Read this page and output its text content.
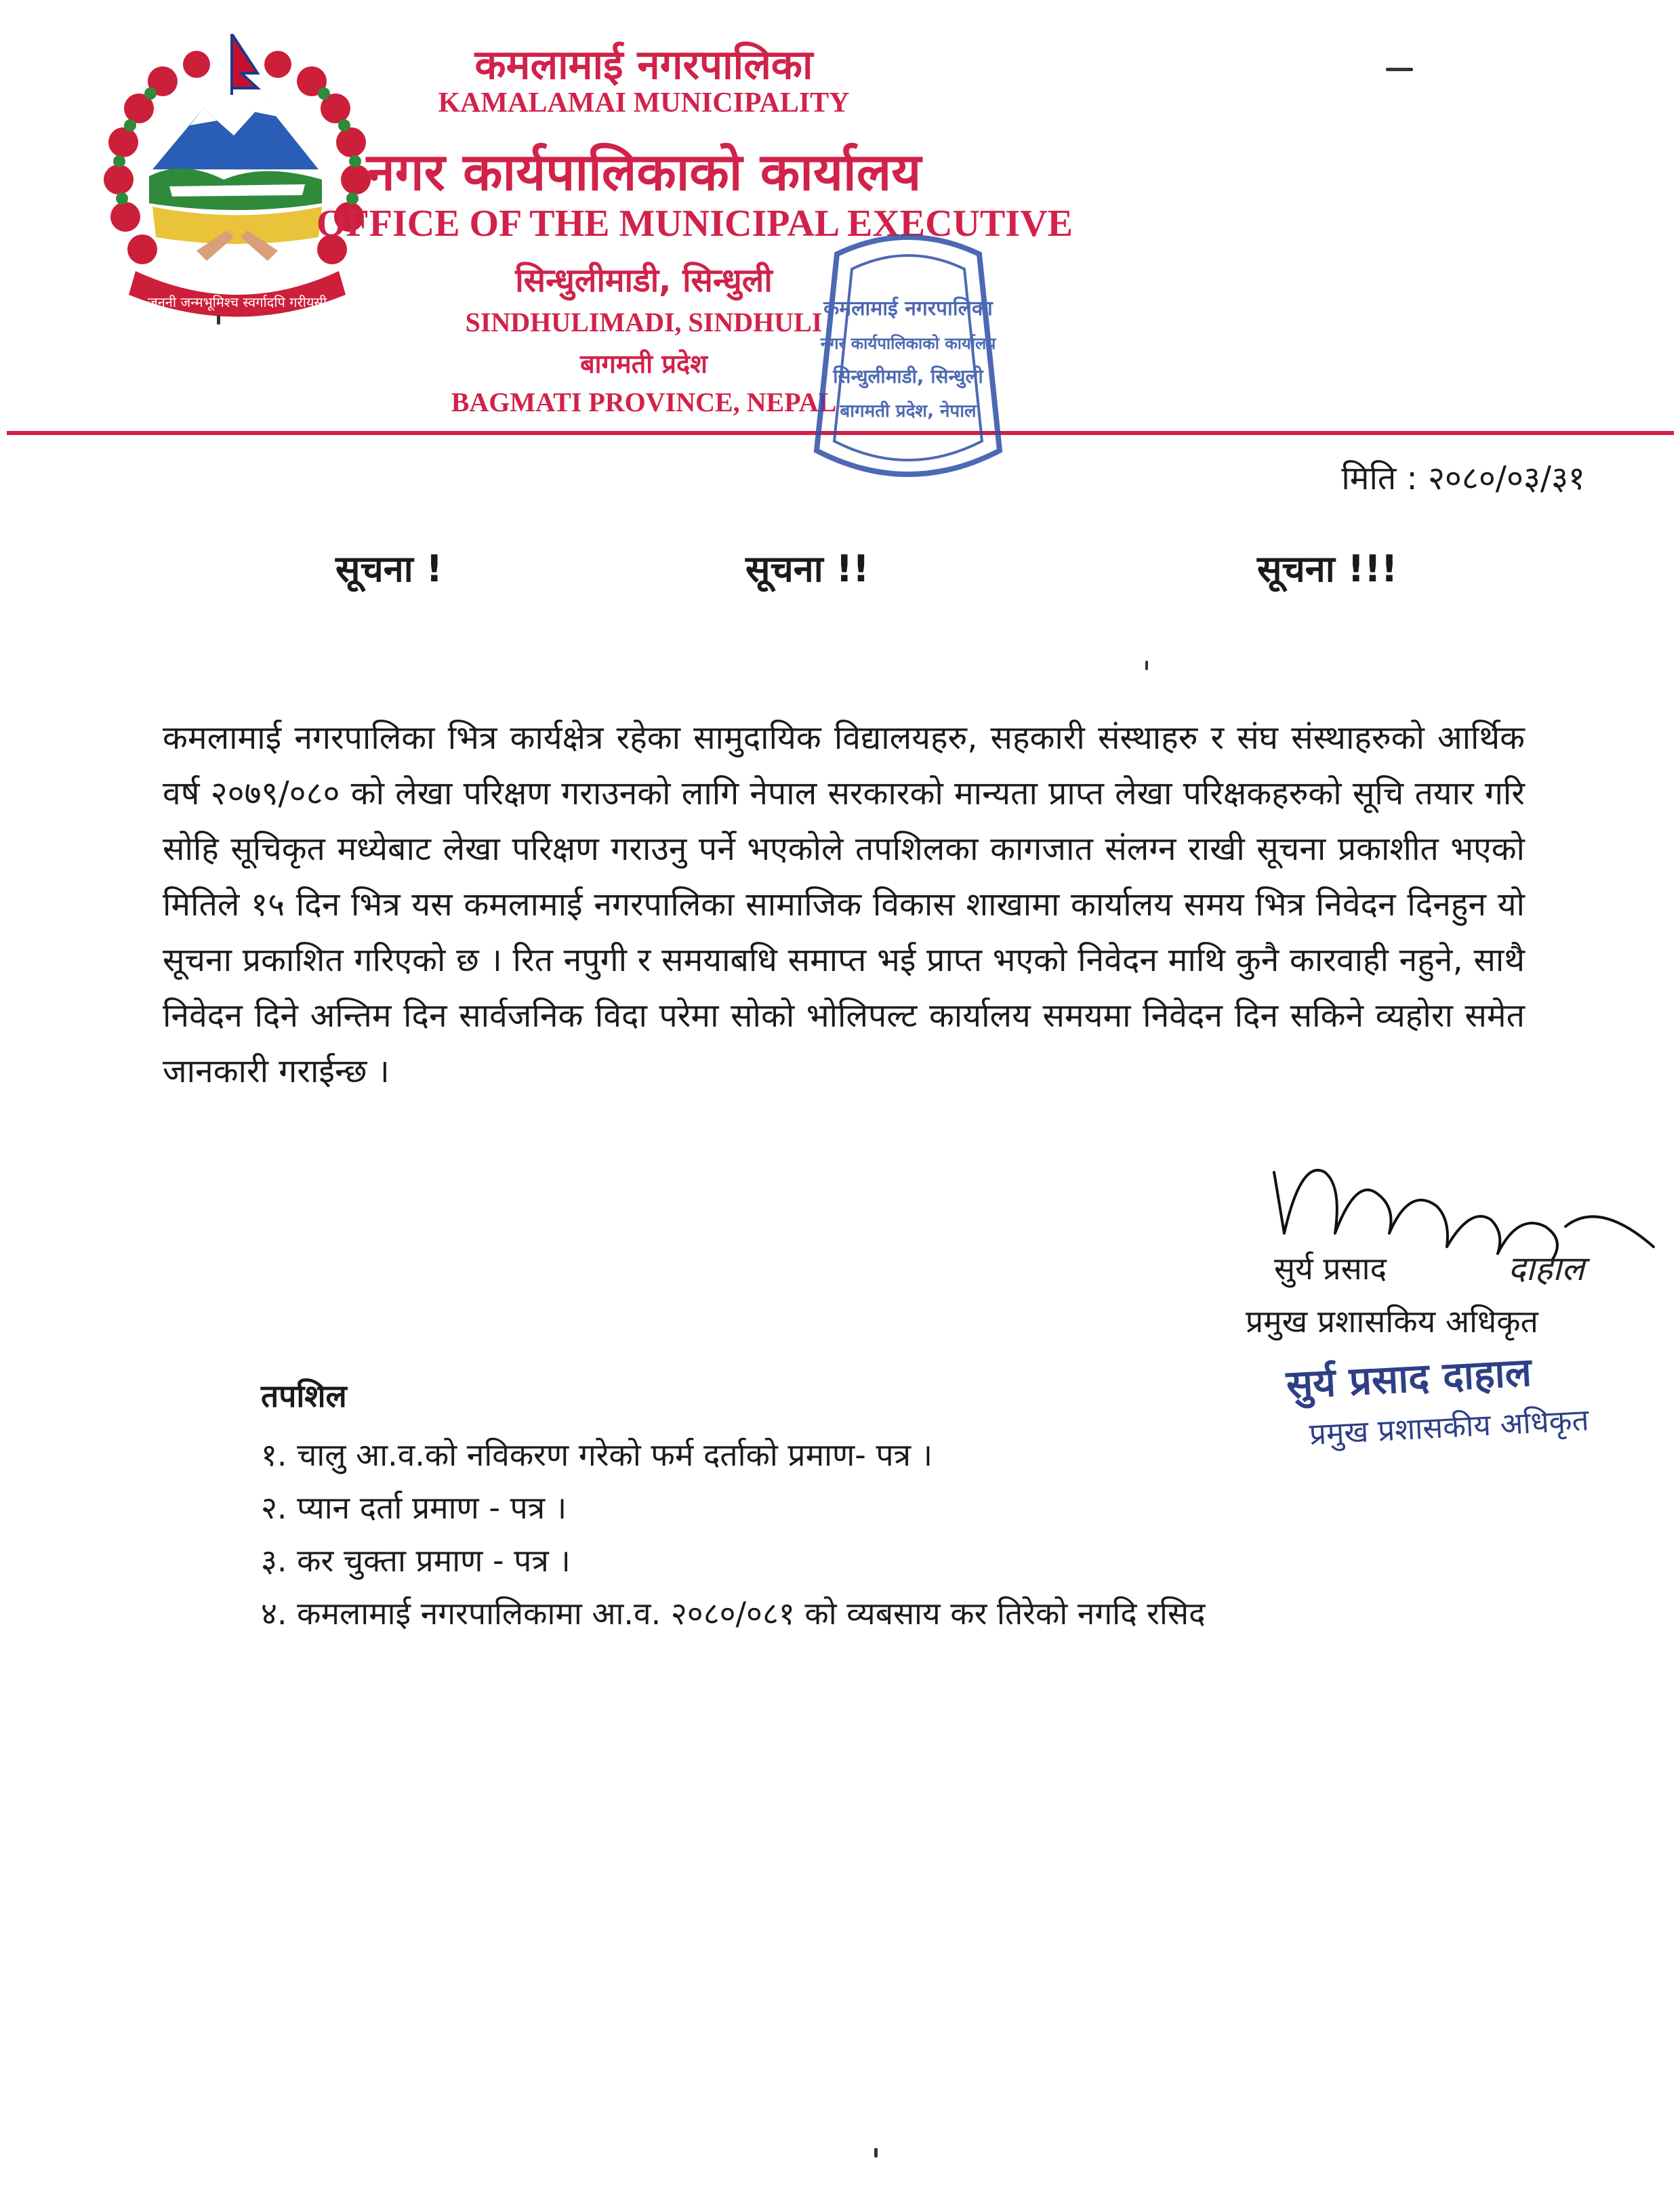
जननी जन्मभूमिश्च स्वर्गादपि गरीयसी
कमलामाई नगरपालिका
KAMALAMAI MUNICIPALITY
नगर कार्यपालिकाको कार्यालय
OFFICE OF THE MUNICIPAL EXECUTIVE
सिन्धुलीमाडी, सिन्धुली
SINDHULIMADI, SINDHULI
बागमती प्रदेश
BAGMATI PROVINCE, NEPAL
कमलामाई नगरपालिका
नगर कार्यपालिकाको कार्यालय
सिन्धुलीमाडी, सिन्धुली
बागमती प्रदेश, नेपाल
मिति : २०८०/०३/३१
सूचना !	सूचना !!	सूचना !!!

कमलामाई नगरपालिका भित्र कार्यक्षेत्र रहेका सामुदायिक विद्यालयहरु, सहकारी संस्थाहरु र संघ संस्थाहरुको आर्थिक वर्ष २०७९/०८० को लेखा परिक्षण गराउनको लागि नेपाल सरकारको मान्यता प्राप्त लेखा परिक्षकहरुको सूचि तयार गरि सोहि सूचिकृत मध्येबाट लेखा परिक्षण गराउनु पर्ने भएकोले तपशिलका कागजात संलग्न राखी सूचना प्रकाशीत भएको मितिले १५ दिन भित्र यस कमलामाई नगरपालिका सामाजिक विकास शाखामा कार्यालय समय भित्र निवेदन दिनहुन यो सूचना प्रकाशित गरिएको छ । रित नपुगी र समयाबधि समाप्त भई प्राप्त भएको निवेदन माथि कुनै कारवाही नहुने, साथै निवेदन दिने अन्तिम दिन सार्वजनिक विदा परेमा सोको भोलिपल्ट कार्यालय समयमा निवेदन दिन सकिने व्यहोरा समेत जानकारी गराईन्छ ।

सुर्य प्रसाद	दाहाल
प्रमुख प्रशासकिय अधिकृत
सुर्य प्रसाद दाहाल
प्रमुख प्रशासकीय अधिकृत
तपशिल
१. चालु आ.व.को नविकरण गरेको फर्म दर्ताको प्रमाण- पत्र ।
२. प्यान दर्ता प्रमाण - पत्र ।
३. कर चुक्ता प्रमाण - पत्र ।
४. कमलामाई नगरपालिकामा आ.व. २०८०/०८१ को व्यबसाय कर तिरेको नगदि रसिद
